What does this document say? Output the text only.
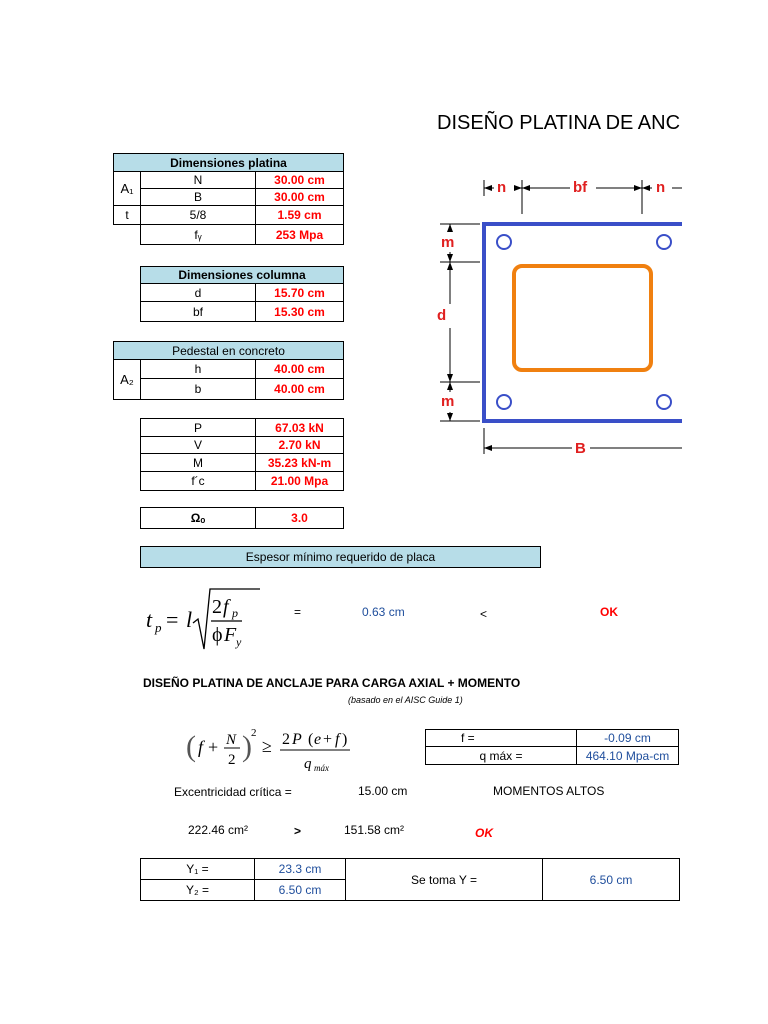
DISEÑO PLATINA DE ANC
Dimensiones platina		
A₁	N	30.00 cm
	B	30.00 cm
t	5/8	1.59 cm
	fᵧ	253 Mpa
Dimensiones columna	
d	15.70 cm
bf	15.30 cm
Pedestal en concreto		
A₂	h	40.00 cm
	b	40.00 cm
P	67.03 kN
V	2.70 kN
M	35.23 kN-m
f´c	21.00 Mpa
Ωₒ	3.0
n	bf	n
m
d
m
B
Espesor mínimo requerido de placa
t p = l 2 f p
ϕ F y
=	0.63 cm	<	OK
DISEÑO PLATINA DE ANCLAJE PARA CARGA AXIAL + MOMENTO
(basado en el AISC Guide 1)
( f + N
2 ) 2
≥ 2 P ( e + f )
q máx
f =	-0.09 cm
q máx =	464.10 Mpa-cm
Excentricidad crítica =	15.00 cm	MOMENTOS ALTOS
222.46 cm²	>	151.58 cm²	OK
Y₁ =	23.3 cm	Se toma Y =	6.50 cm
Y₂ =	6.50 cm		
